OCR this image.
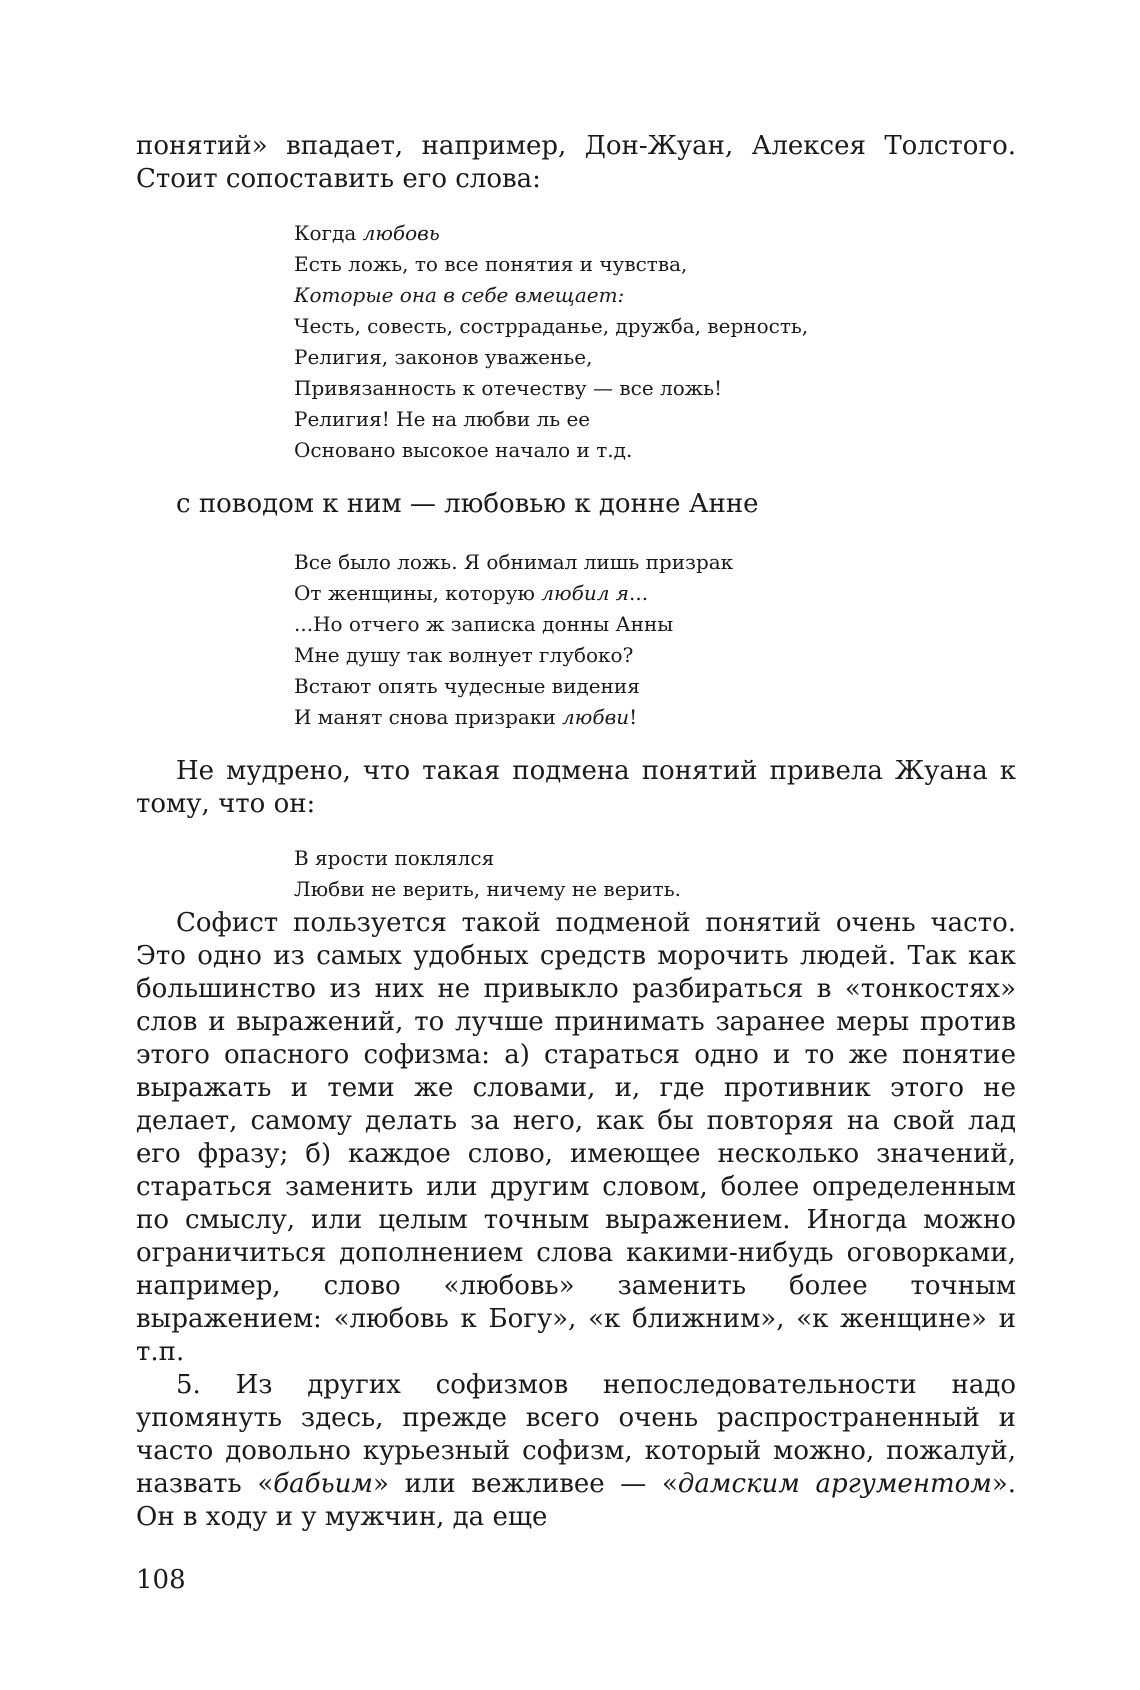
понятий» впадает, например, Дон-Жуан, Алексея Толстого. Стоит сопоставить его слова:

Когда любовь
Есть ложь, то все понятия и чувства,
Которые она в себе вмещает:
Честь, совесть, сострраданье, дружба, верность,
Религия, законов уваженье,
Привязанность к отечеству — все ложь!
Религия! Не на любви ль ее
Основано высокое начало и т.д.
с поводом к ним — любовью к донне Анне
Все было ложь. Я обнимал лишь призрак
От женщины, которую любил я...
...Но отчего ж записка донны Анны
Мне душу так волнует глубоко?
Встают опять чудесные видения
И манят снова призраки любви!

Не мудрено, что такая подмена понятий привела Жуана к тому, что он:

В ярости поклялся
Любви не верить, ничему не верить.

Софист пользуется такой подменой понятий очень часто. Это одно из самых удобных средств морочить людей. Так как большинство из них не привыкло разбираться в «тонкостях» слов и выражений, то лучше принимать заранее меры против этого опасного софизма: а) стараться одно и то же понятие выражать и теми же словами, и, где противник этого не делает, самому делать за него, как бы повторяя на свой лад его фразу; б) каждое слово, имеющее несколько значений, стараться заменить или другим словом, более определенным по смыслу, или целым точным выражением. Иногда можно ограничиться дополнением слова какими-нибудь оговорками, например, слово «любовь» заменить более точным выражением: «любовь к Богу», «к ближним», «к женщине» и т.п.

5. Из других софизмов непоследовательности надо упомянуть здесь, прежде всего очень распространенный и часто довольно курьезный софизм, который можно, пожалуй, назвать «бабьим» или вежливее — «дамским аргументом». Он в ходу и у мужчин, да еще

108
